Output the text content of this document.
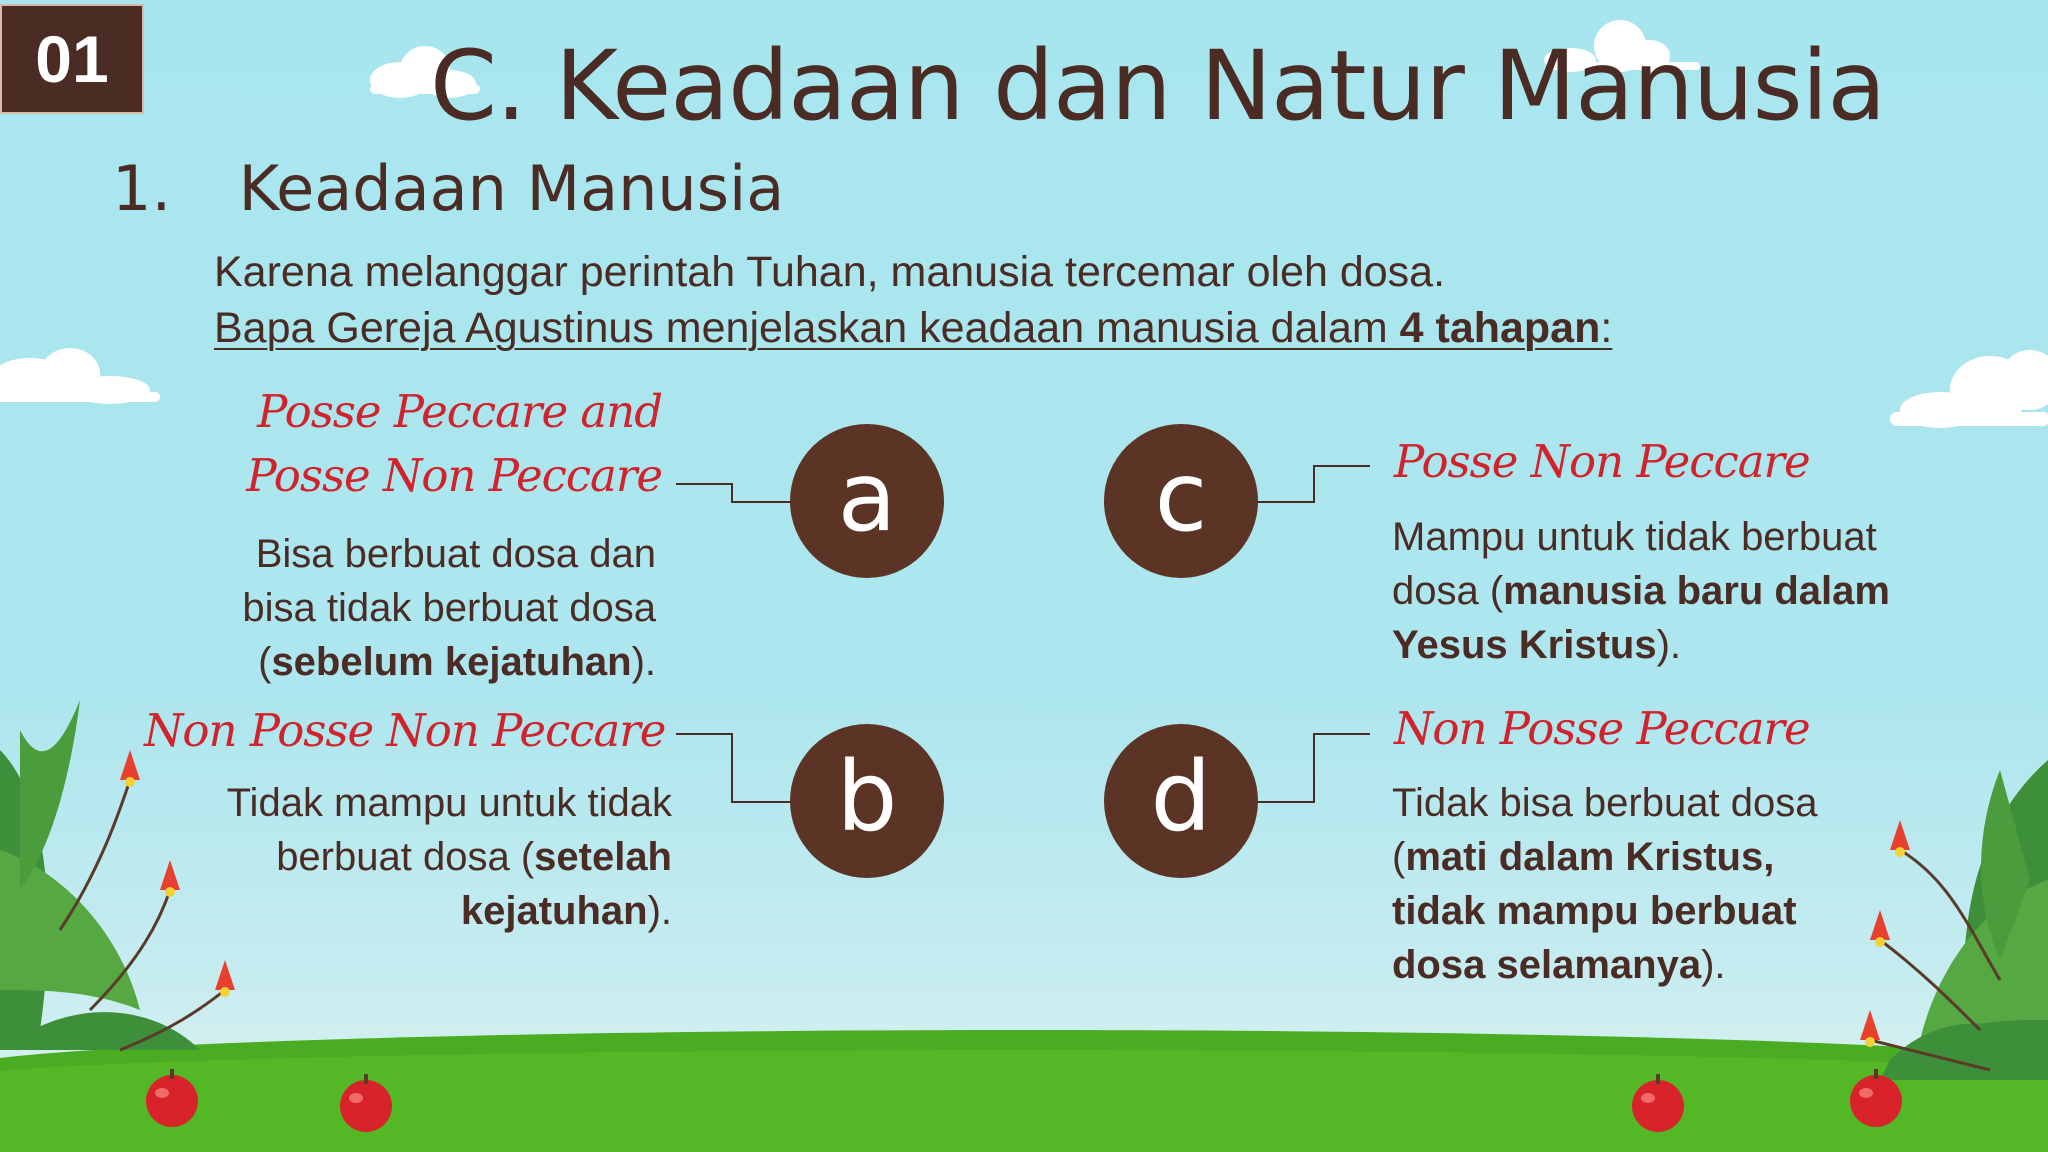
01	C. Keadaan dan Natur Manusia
1. Keadaan Manusia
Karena melanggar perintah Tuhan, manusia tercemar oleh dosa.
Bapa Gereja Agustinus menjelaskan keadaan manusia dalam 4 tahapan:
a
b
c
d
Posse Peccare and
Posse Non Peccare
Bisa berbuat dosa dan
bisa tidak berbuat dosa
(sebelum kejatuhan).
Non Posse Non Peccare
Tidak mampu untuk tidak
berbuat dosa (setelah
kejatuhan).
Posse Non Peccare
Mampu untuk tidak berbuat
dosa (manusia baru dalam
Yesus Kristus).
Non Posse Peccare
Tidak bisa berbuat dosa
(mati dalam Kristus,
tidak mampu berbuat
dosa selamanya).
